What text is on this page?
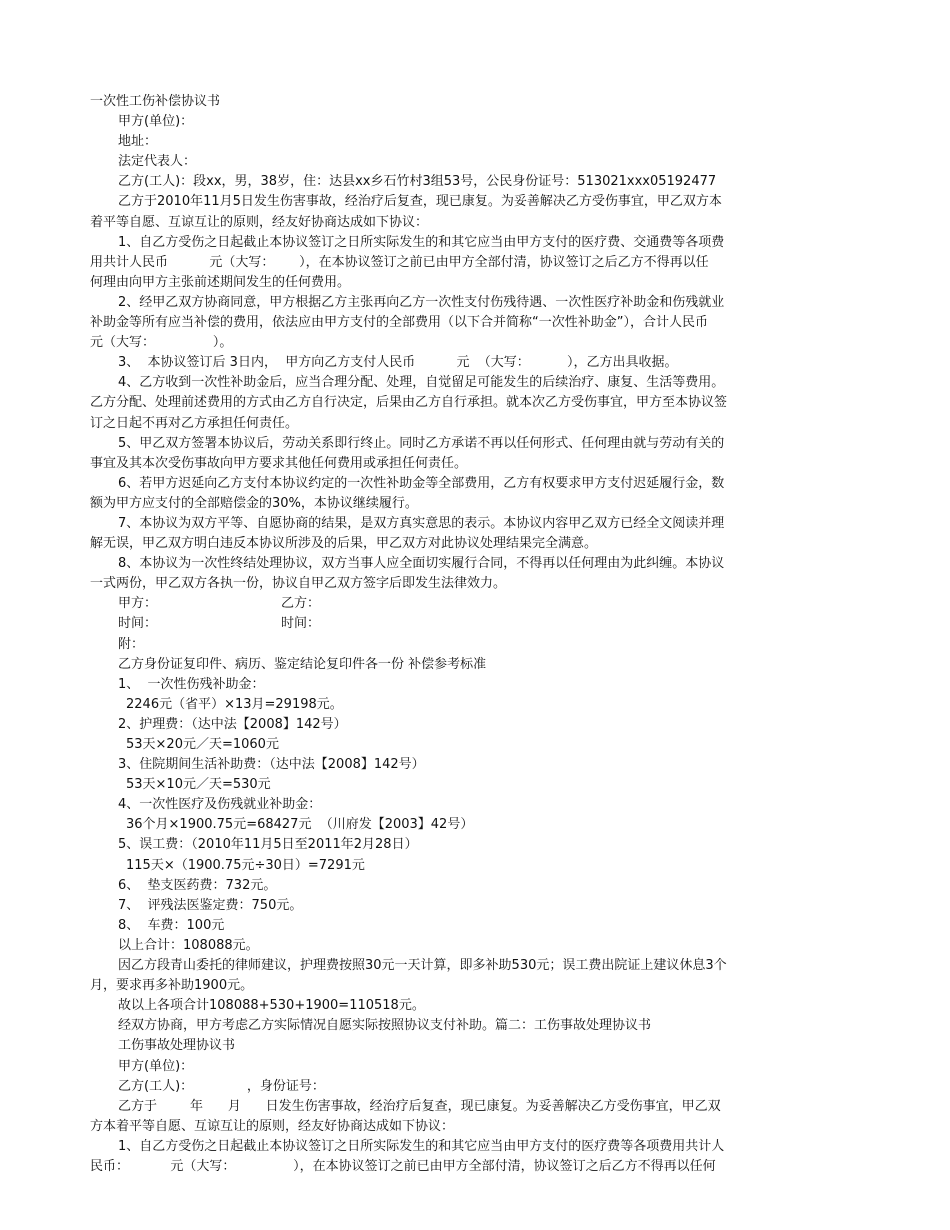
一次性工伤补偿协议书
甲方(单位)：
地址：
法定代表人：
乙方(工人)：段xx，男，38岁，住：达县xx乡石竹村3组53号，公民身份证号：513021xxx05192477
乙方于2010年11月5日发生伤害事故，经治疗后复查，现已康复。为妥善解决乙方受伤事宜，甲乙双方本
着平等自愿、互谅互让的原则，经友好协商达成如下协议：
1、自乙方受伤之日起截止本协议签订之日所实际发生的和其它应当由甲方支付的医疗费、交通费等各项费
用共计人民币          元（大写：      ），在本协议签订之前已由甲方全部付清，协议签订之后乙方不得再以任
何理由向甲方主张前述期间发生的任何费用。
2、经甲乙双方协商同意，甲方根据乙方主张再向乙方一次性支付伤残待遇、一次性医疗补助金和伤残就业
补助金等所有应当补偿的费用，依法应由甲方支付的全部费用（以下合并简称“一次性补助金”），合计人民币
元（大写：              ）。
3、  本协议签订后 3日内，  甲方向乙方支付人民币          元  （大写：         ），乙方出具收据。
4、乙方收到一次性补助金后，应当合理分配、处理，自觉留足可能发生的后续治疗、康复、生活等费用。
乙方分配、处理前述费用的方式由乙方自行决定，后果由乙方自行承担。就本次乙方受伤事宜，甲方至本协议签
订之日起不再对乙方承担任何责任。
5、甲乙双方签署本协议后，劳动关系即行终止。同时乙方承诺不再以任何形式、任何理由就与劳动有关的
事宜及其本次受伤事故向甲方要求其他任何费用或承担任何责任。
6、若甲方迟延向乙方支付本协议约定的一次性补助金等全部费用，乙方有权要求甲方支付迟延履行金，数
额为甲方应支付的全部赔偿金的30%，本协议继续履行。
7、本协议为双方平等、自愿协商的结果，是双方真实意思的表示。本协议内容甲乙双方已经全文阅读并理
解无误，甲乙双方明白违反本协议所涉及的后果，甲乙双方对此协议处理结果完全满意。
8、本协议为一次性终结处理协议，双方当事人应全面切实履行合同，不得再以任何理由为此纠缠。本协议
一式两份，甲乙双方各执一份，协议自甲乙双方签字后即发生法律效力。
甲方：                              乙方：
时间：                              时间：
附：
乙方身份证复印件、病历、鉴定结论复印件各一份 补偿参考标准
1、  一次性伤残补助金：
2246元（省平）×13月=29198元。
2、护理费：（达中法【2008】142号）
53天×20元／天=1060元
3、住院期间生活补助费：（达中法【2008】142号）
53天×10元／天=530元
4、一次性医疗及伤残就业补助金：
36个月×1900.75元=68427元  （川府发【2003】42号）
5、误工费：（2010年11月5日至2011年2月28日）
115天×（1900.75元÷30日）=7291元
6、  垫支医药费：732元。
7、  评残法医鉴定费：750元。
8、  车费：100元
以上合计：108088元。
因乙方段青山委托的律师建议，护理费按照30元一天计算，即多补助530元；误工费出院证上建议休息3个
月，要求再多补助1900元。
故以上各项合计108088+530+1900=110518元。
经双方协商，甲方考虑乙方实际情况自愿实际按照协议支付补助。篇二：工伤事故处理协议书
工伤事故处理协议书
甲方(单位)：
乙方(工人)：             ，身份证号：
乙方于        年      月      日发生伤害事故，经治疗后复查，现已康复。为妥善解决乙方受伤事宜，甲乙双
方本着平等自愿、互谅互让的原则，经友好协商达成如下协议：
1、自乙方受伤之日起截止本协议签订之日所实际发生的和其它应当由甲方支付的医疗费等各项费用共计人
民币：          元（大写：              ），在本协议签订之前已由甲方全部付清，协议签订之后乙方不得再以任何
